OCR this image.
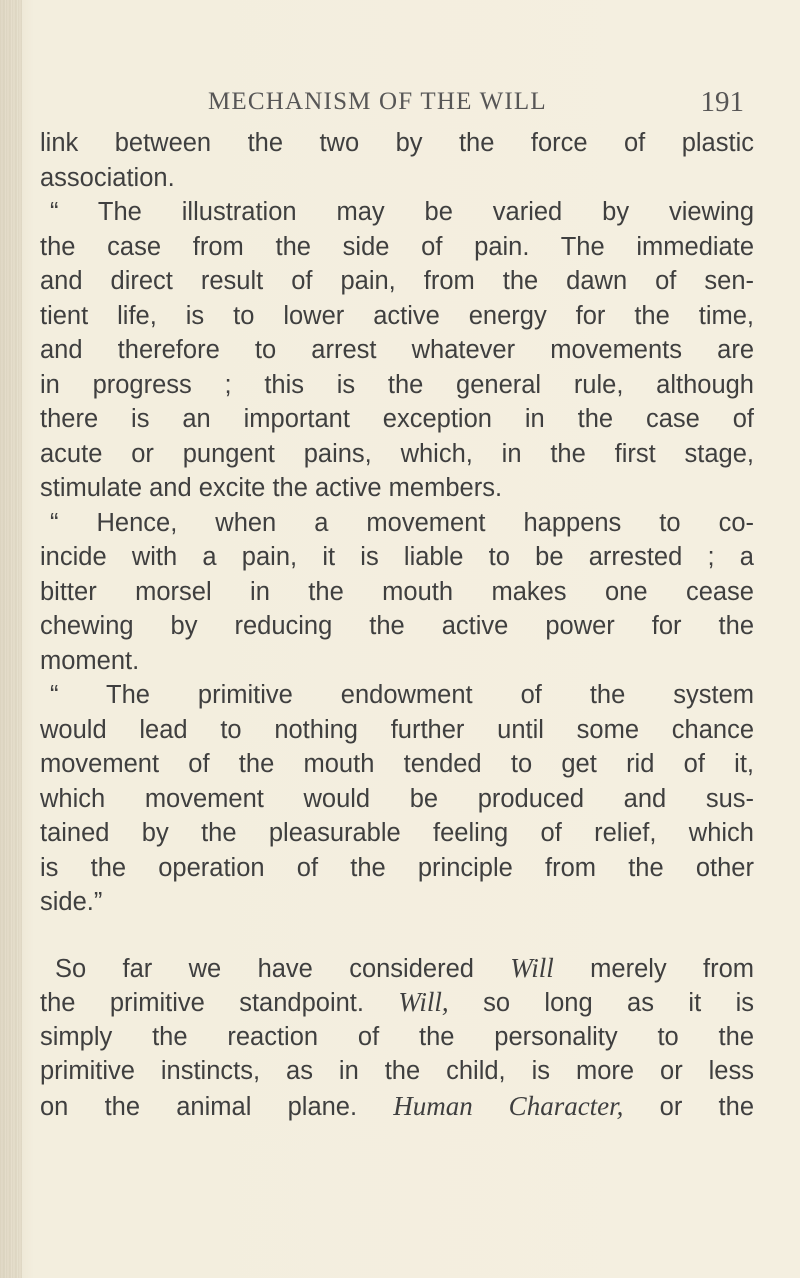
MECHANISM OF THE WILL	191
link between the two by the force of plastic
association.
“ The illustration may be varied by viewing
the case from the side of pain. The immediate
and direct result of pain, from the dawn of sen-
tient life, is to lower active energy for the time,
and therefore to arrest whatever movements are
in progress ; this is the general rule, although
there is an important exception in the case of
acute or pungent pains, which, in the first stage,
stimulate and excite the active members.
“ Hence, when a movement happens to co-
incide with a pain, it is liable to be arrested ; a
bitter morsel in the mouth makes one cease
chewing by reducing the active power for the
moment.
“ The primitive endowment of the system
would lead to nothing further until some chance
movement of the mouth tended to get rid of it,
which movement would be produced and sus-
tained by the pleasurable feeling of relief, which
is the operation of the principle from the other
side.”
So far we have considered Will merely from
the primitive standpoint. Will, so long as it is
simply the reaction of the personality to the
primitive instincts, as in the child, is more or less
on the animal plane. Human Character, or the
